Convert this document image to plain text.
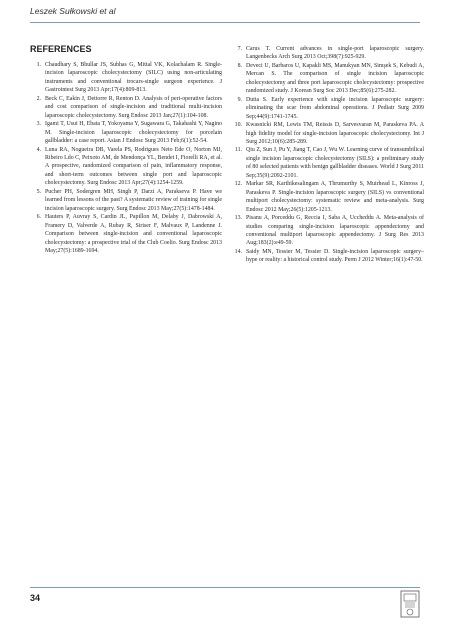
Leszek Sułkowski et al
REFERENCES
1. Chaudhary S, Bhullar JS, Subhas G, Mittal VK, Kolachalam R. Single-incision laparoscopic cholecystectomy (SILC) using non-articulating instruments and conventional trocars-single surgeon experience. J Gastrointest Surg 2013 Apr;17(4):809-813.
2. Beck C, Eakin J, Dettorre R, Renton D. Analysis of peri-operative factors and cost comparison of single-incision and traditional multi-incision laparoscopic cholecystectomy. Surg Endosc 2013 Jan;27(1):104-108.
3. Igami T, Usui H, Ebata T, Yokoyama Y, Sugawara G, Takahashi Y, Nagino M. Single-incision laparoscopic cholecystectomy for porcelain gallbladder: a case report. Asian J Endosc Surg 2013 Feb;6(1):52-54.
4. Luna RA, Nogueira DB, Varela PS, Rodrigues Neto Ede O, Norton MJ, Ribeiro Ldo C, Peixoto AM, de Mendonça YL, Bendet I, Fiorelli RA, et al. A prospective, randomized comparison of pain, inflammatory response, and short-term outcomes between single port and laparoscopic cholecystectomy. Surg Endosc 2013 Apr;27(4):1254-1259.
5. Pucher PH, Sodergren MH, Singh P, Darzi A, Parakseva P. Have we learned from lessons of the past? A systematic review of training for single incision laparoscopic surgery. Surg Endosc 2013 May;27(5):1478-1484.
6. Hauters P, Auvray S, Cardin JL, Papillon M, Delaby J, Dabrowski A, Framery D, Valverde A, Rubay R, Siriser F, Malvaux P, Landenne J. Comparison between single-incision and conventional laparoscopic cholecystectomy: a prospective trial of the Club Coelio. Surg Endosc 2013 May;27(5):1689-1694.
7. Carus T. Current advances in single-port laparoscopic surgery. Langenbecks Arch Surg 2013 Oct;398(7):925-929.
8. Deveci U, Barbaros U, Kapakli MS, Manukyan MN, Simşek S, Kebudi A, Mercan S. The comparison of single incision laparoscopic cholecystectomy and three port laparoscopic cholecystectomy: prospective randomized study. J Korean Surg Soc 2013 Dec;85(6):275-282.
9. Dutta S. Early experience with single incision laparoscopic surgery: eliminating the scar from abdominal operations. J Pediatr Surg 2009 Sep;44(9):1741-1745.
10. Kwasnicki RM, Lewis TM, Reissis D, Sarvesvaran M, Paraskeva PA. A high fidelity model for single-incision laparoscopic cholecystectomy. Int J Surg 2012;10(6):285-289.
11. Qiu Z, Sun J, Pu Y, Jiang T, Cao J, Wu W. Learning curve of transumbilical single incision laparoscopic cholecystectomy (SILS): a preliminary study of 80 selected patients with benign gallbladder diseases. World J Surg 2011 Sep;35(9):2092-2101.
12. Markar SR, Karthikesalingam A, Thrumurthy S, Muirhead L, Kinross J, Paraskeva P. Single-incision laparoscopic surgery (SILS) vs conventional multiport cholecystectomy: systematic review and meta-analysis. Surg Endosc 2012 May;26(5):1205-1213.
13. Pisanu A, Porceddu G, Reccia I, Saba A, Uccheddu A. Meta-analysis of studies comparing single-incision laparoscopic appendectomy and conventional multiport laparoscopic appendectomy. J Surg Res 2013 Aug;183(2):e49-59.
14. Saidy MN, Tessier M, Tessier D. Single-incision laparoscopic surgery–hype or reality: a historical control study. Perm J 2012 Winter;16(1):47-50.
34
